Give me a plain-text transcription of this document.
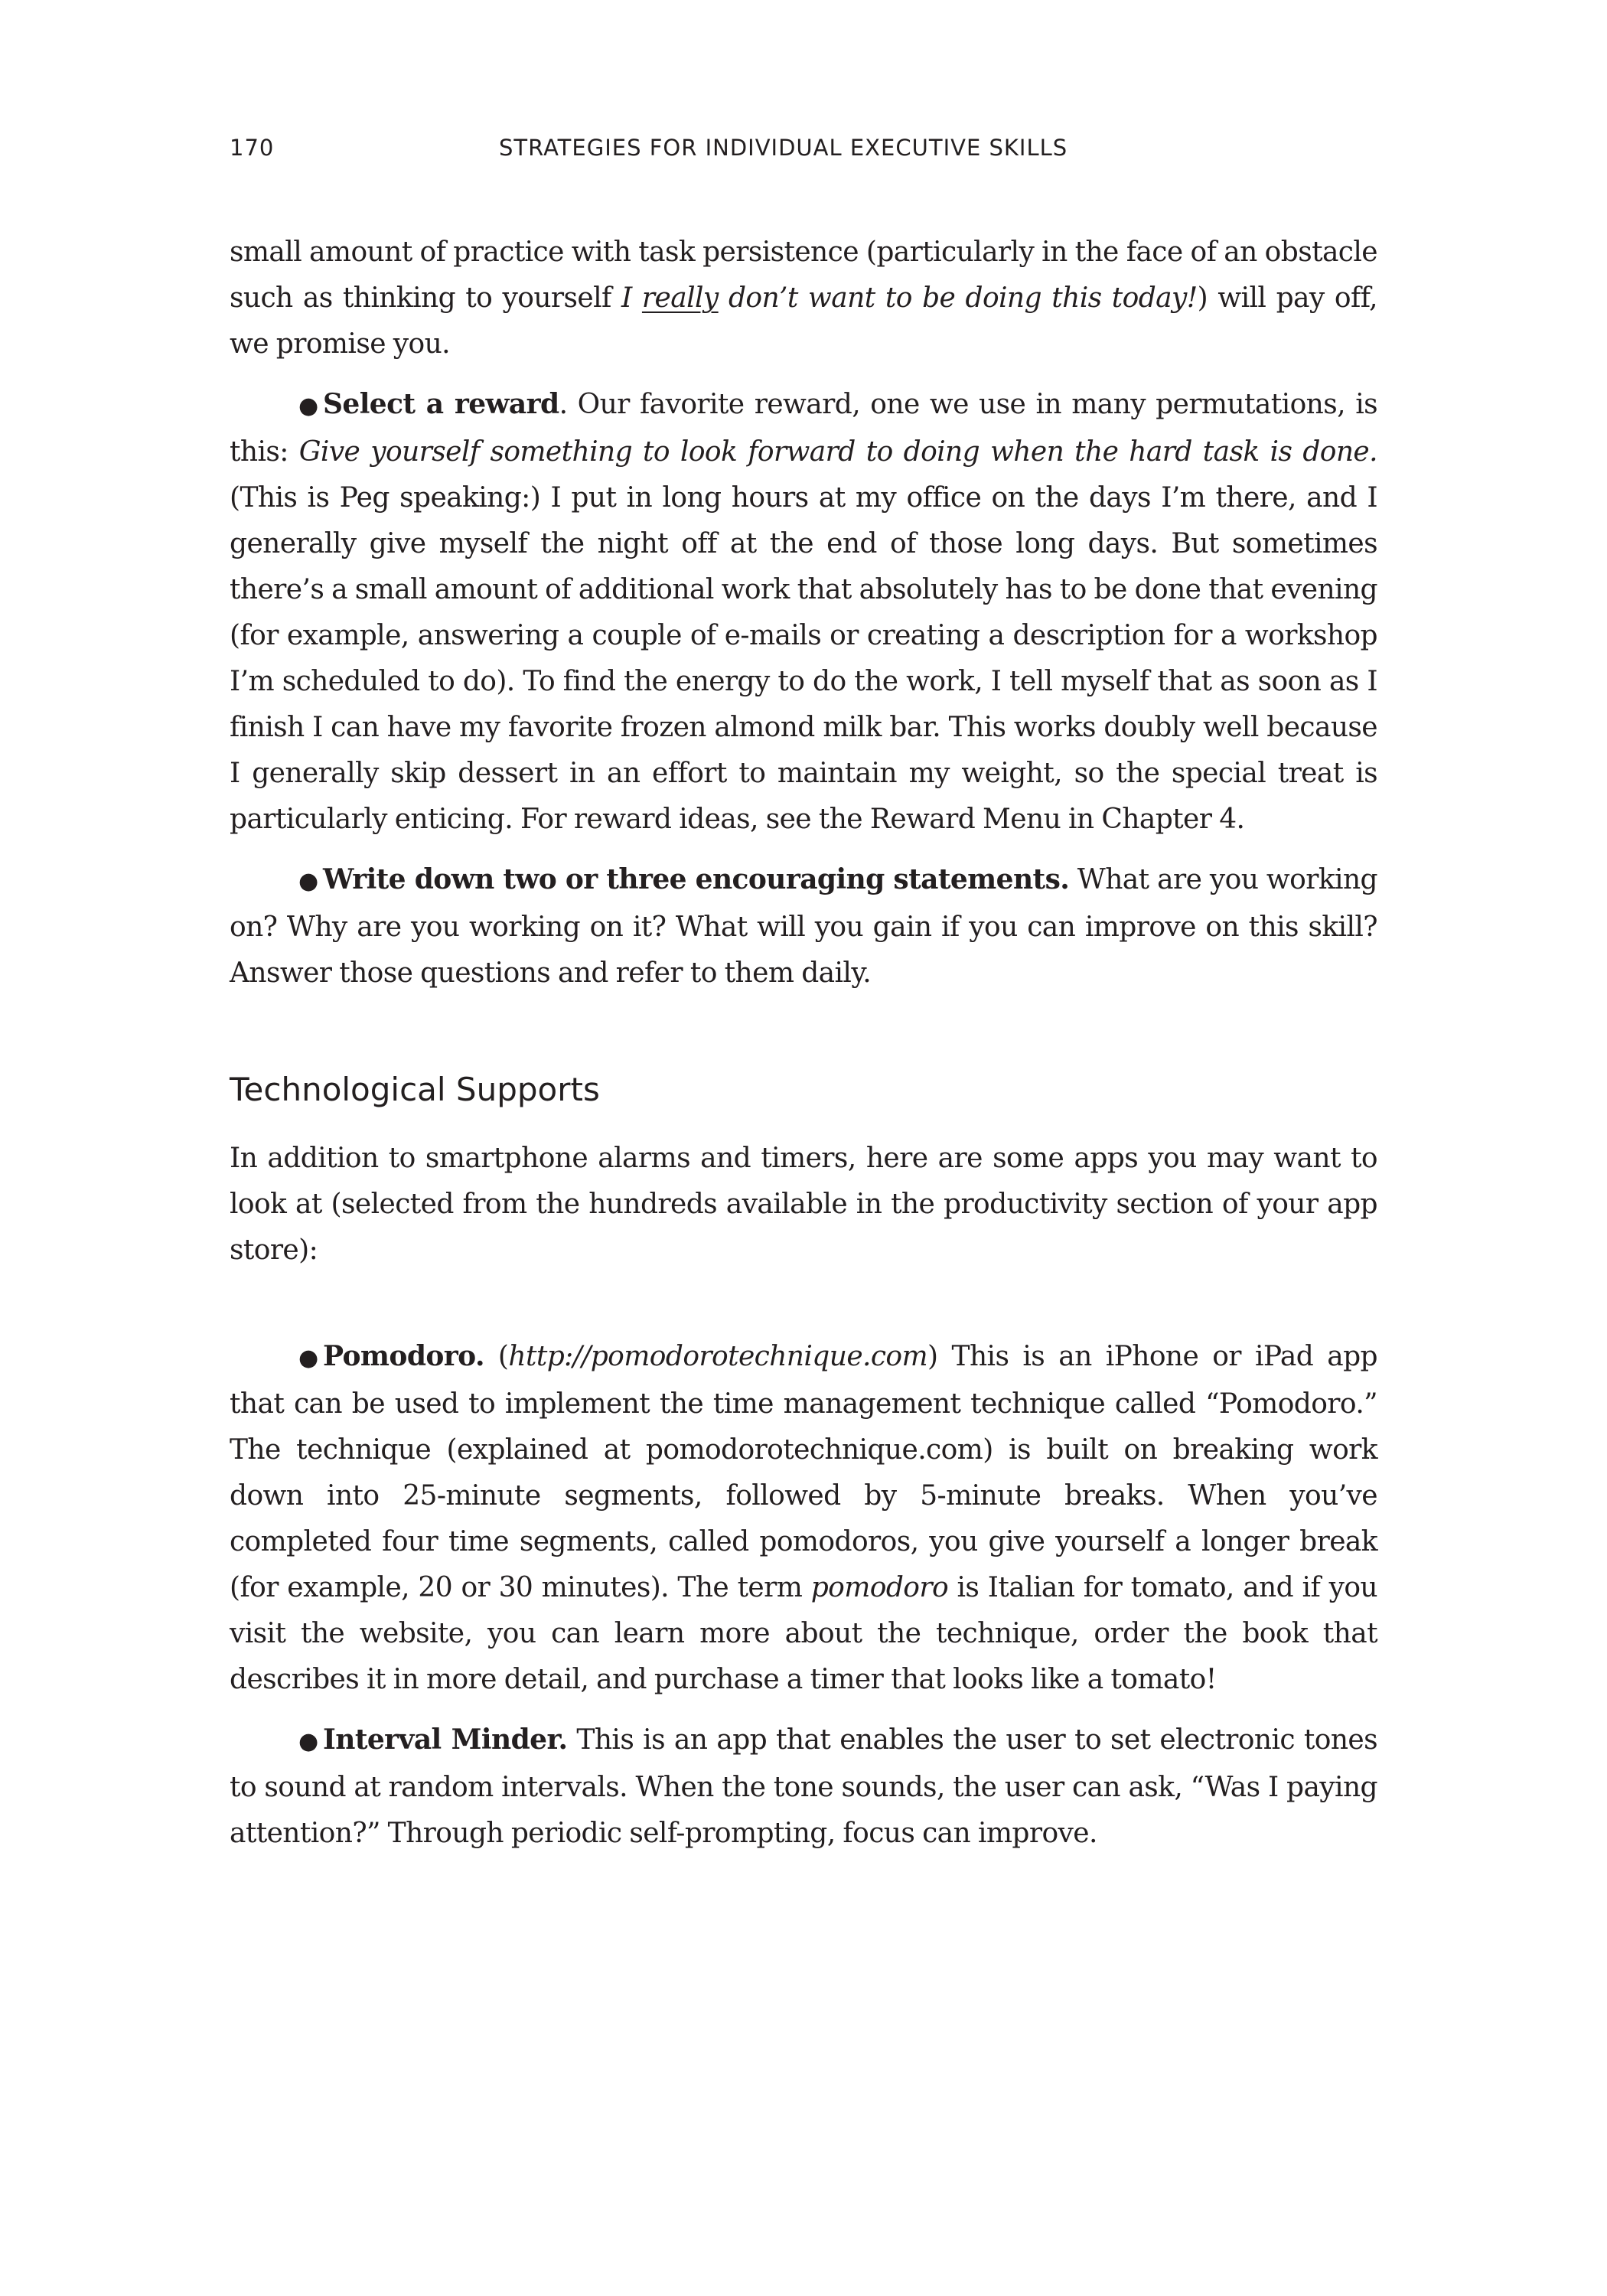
170	STRATEGIES FOR INDIVIDUAL EXECUTIVE SKILLS

small amount of practice with task persistence (particularly in the face of an obstacle such as thinking to yourself I really don’t want to be doing this today!) will pay off, we promise you.

● Select a reward. Our favorite reward, one we use in many permutations, is this: Give yourself something to look forward to doing when the hard task is done. (This is Peg speaking:) I put in long hours at my office on the days I’m there, and I generally give myself the night off at the end of those long days. But sometimes there’s a small amount of additional work that absolutely has to be done that evening (for example, answering a couple of e-mails or creating a description for a workshop I’m scheduled to do). To find the energy to do the work, I tell myself that as soon as I finish I can have my favorite frozen almond milk bar. This works doubly well because I generally skip dessert in an effort to maintain my weight, so the special treat is particularly enticing. For reward ideas, see the Reward Menu in Chapter 4.

● Write down two or three encouraging statements. What are you working on? Why are you working on it? What will you gain if you can improve on this skill? Answer those questions and refer to them daily.

Technological Supports

In addition to smartphone alarms and timers, here are some apps you may want to look at (selected from the hundreds available in the productivity section of your app store):

● Pomodoro. (http://pomodorotechnique.com) This is an iPhone or iPad app that can be used to implement the time management technique called “Pomodoro.” The technique (explained at pomodorotechnique.com) is built on breaking work down into 25-minute segments, followed by 5-minute breaks. When you’ve completed four time segments, called pomodoros, you give yourself a longer break (for example, 20 or 30 minutes). The term pomodoro is Italian for tomato, and if you visit the website, you can learn more about the technique, order the book that describes it in more detail, and purchase a timer that looks like a tomato!

● Interval Minder. This is an app that enables the user to set electronic tones to sound at random intervals. When the tone sounds, the user can ask, “Was I paying attention?” Through periodic self-prompting, focus can improve.
